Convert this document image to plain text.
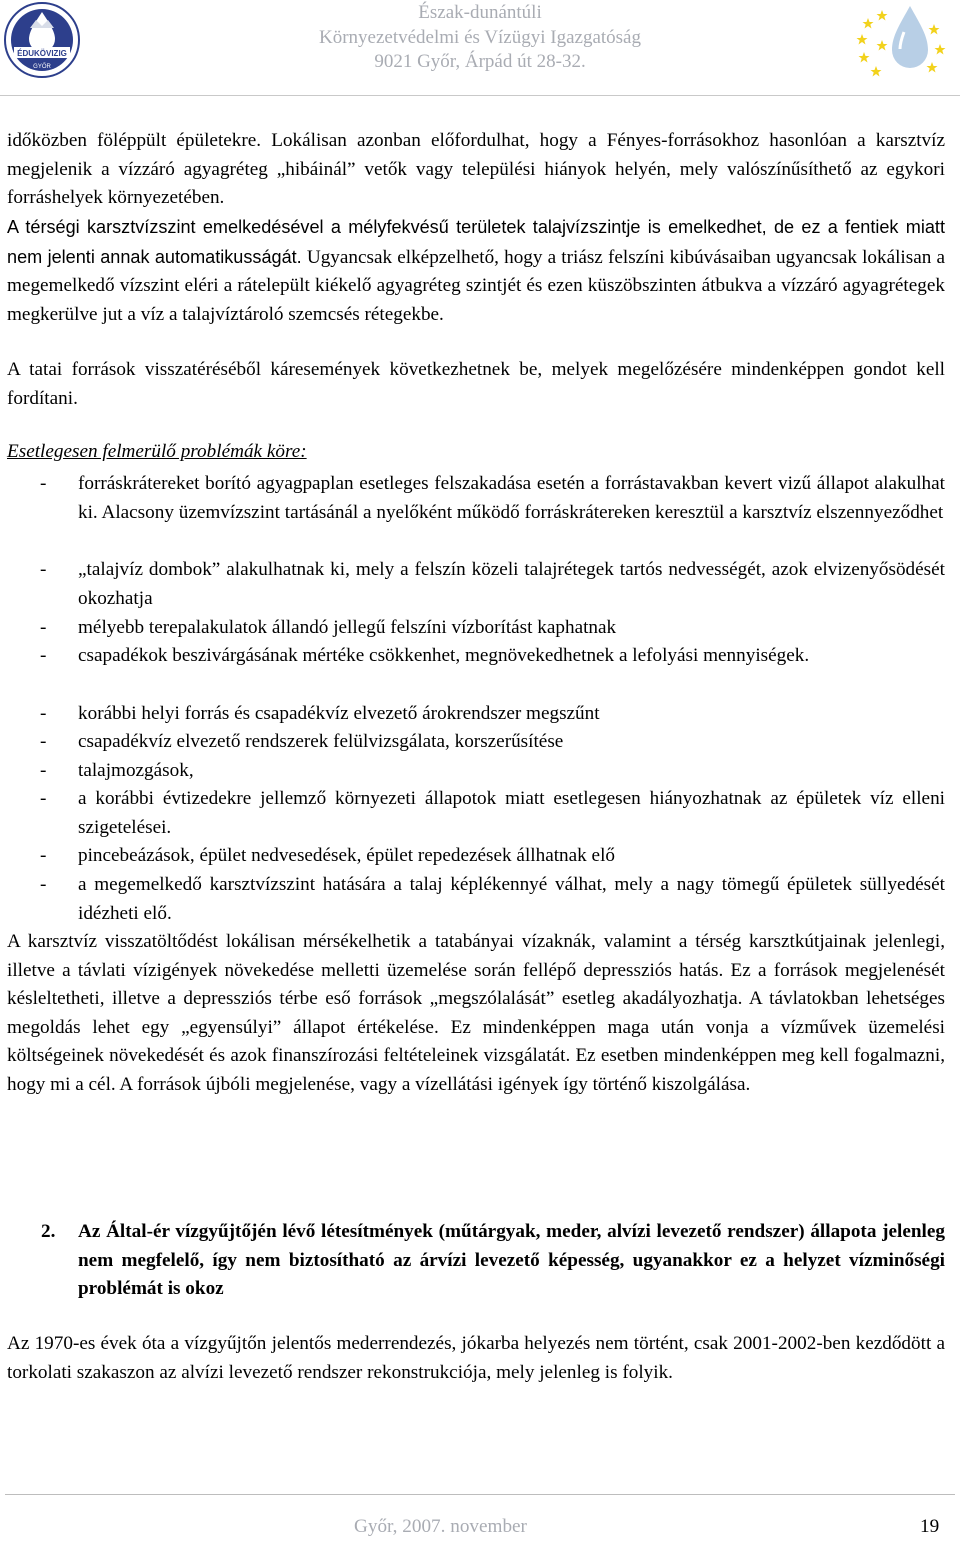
ÉDUKÖVIZIG
GYŐR
Észak-dunántúli
Környezetvédelmi és Vízügyi Igazgatóság
9021 Győr, Árpád út 28-32.

időközben föléppült épületekre. Lokálisan azonban előfordulhat, hogy a Fényes-forrásokhoz hasonlóan a karsztvíz megjelenik a vízzáró agyagréteg „hibáinál” vetők vagy települési hiányok helyén, mely valószínűsíthető az egykori forráshelyek környezetében.

A térségi karsztvízszint emelkedésével a mélyfekvésű területek talajvízszintje is emelkedhet, de ez a fentiek miatt nem jelenti annak automatikusságát. Ugyancsak elképzelhető, hogy a triász felszíni kibúvásaiban ugyancsak lokálisan a megemelkedő vízszint eléri a rátelepült kiékelő agyagréteg szintjét és ezen küszöbszinten átbukva a vízzáró agyagrétegek megkerülve jut a víz a talajvíztároló szemcsés rétegekbe.

A tatai források visszatéréséből káresemények következhetnek be, melyek megelőzésére mindenképpen gondot kell fordítani.

Esetlegesen felmerülő problémák köre:

- forráskrátereket borító agyagpaplan esetleges felszakadása esetén a forrástavakban kevert vizű állapot alakulhat ki. Alacsony üzemvízszint tartásánál a nyelőként működő forráskrátereken keresztül a karsztvíz elszennyeződhet
- „talajvíz dombok” alakulhatnak ki, mely a felszín közeli talajrétegek tartós nedvességét, azok elvizenyősödését okozhatja
- mélyebb terepalakulatok állandó jellegű felszíni vízborítást kaphatnak
- csapadékok beszivárgásának mértéke csökkenhet, megnövekedhetnek a lefolyási mennyiségek.
- korábbi helyi forrás és csapadékvíz elvezető árokrendszer megszűnt
- csapadékvíz elvezető rendszerek felülvizsgálata, korszerűsítése
- talajmozgások,
- a korábbi évtizedekre jellemző környezeti állapotok miatt esetlegesen hiányozhatnak az épületek víz elleni szigetelései.
- pincebeázások, épület nedvesedések, épület repedezések állhatnak elő
- a megemelkedő karsztvízszint hatására a talaj képlékennyé válhat, mely a nagy tömegű épületek süllyedését idézheti elő.

A karsztvíz visszatöltődést lokálisan mérsékelhetik a tatabányai vízaknák, valamint a térség karsztkútjainak jelenlegi, illetve a távlati vízigények növekedése melletti üzemelése során fellépő depressziós hatás. Ez a források megjelenését késleltetheti, illetve a depressziós térbe eső források „megszólalását” esetleg akadályozhatja. A távlatokban lehetséges megoldás lehet egy „egyensúlyi” állapot értékelése. Ez mindenképpen maga után vonja a vízművek üzemelési költségeinek növekedését és azok finanszírozási feltételeinek vizsgálatát. Ez esetben mindenképpen meg kell fogalmazni, hogy mi a cél. A források újbóli megjelenése, vagy a vízellátási igények így történő kiszolgálása.

2. Az Által-ér vízgyűjtőjén lévő létesítmények (műtárgyak, meder, alvízi levezető rendszer) állapota jelenleg nem megfelelő, így nem biztosítható az árvízi levezető képesség, ugyanakkor ez a helyzet vízminőségi problémát is okoz

Az 1970-es évek óta a vízgyűjtőn jelentős mederrendezés, jókarba helyezés nem történt, csak 2001-2002-ben kezdődött a torkolati szakaszon az alvízi levezető rendszer rekonstrukciója, mely jelenleg is folyik.

Győr, 2007. november	19
